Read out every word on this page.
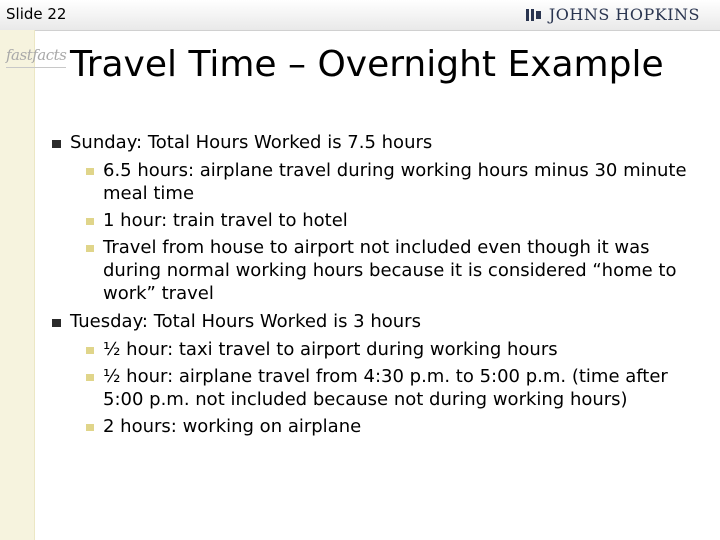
Slide 22	JOHNS HOPKINS
fastfacts Travel Time – Overnight Example
Sunday: Total Hours Worked is 7.5 hours
6.5 hours: airplane travel during working hours minus 30 minute meal time
1 hour: train travel to hotel
Travel from house to airport not included even though it was during normal working hours because it is considered “home to work” travel
Tuesday: Total Hours Worked is 3 hours
½ hour: taxi travel to airport during working hours
½ hour: airplane travel from 4:30 p.m. to 5:00 p.m. (time after 5:00 p.m. not included because not during working hours)
2 hours: working on airplane
